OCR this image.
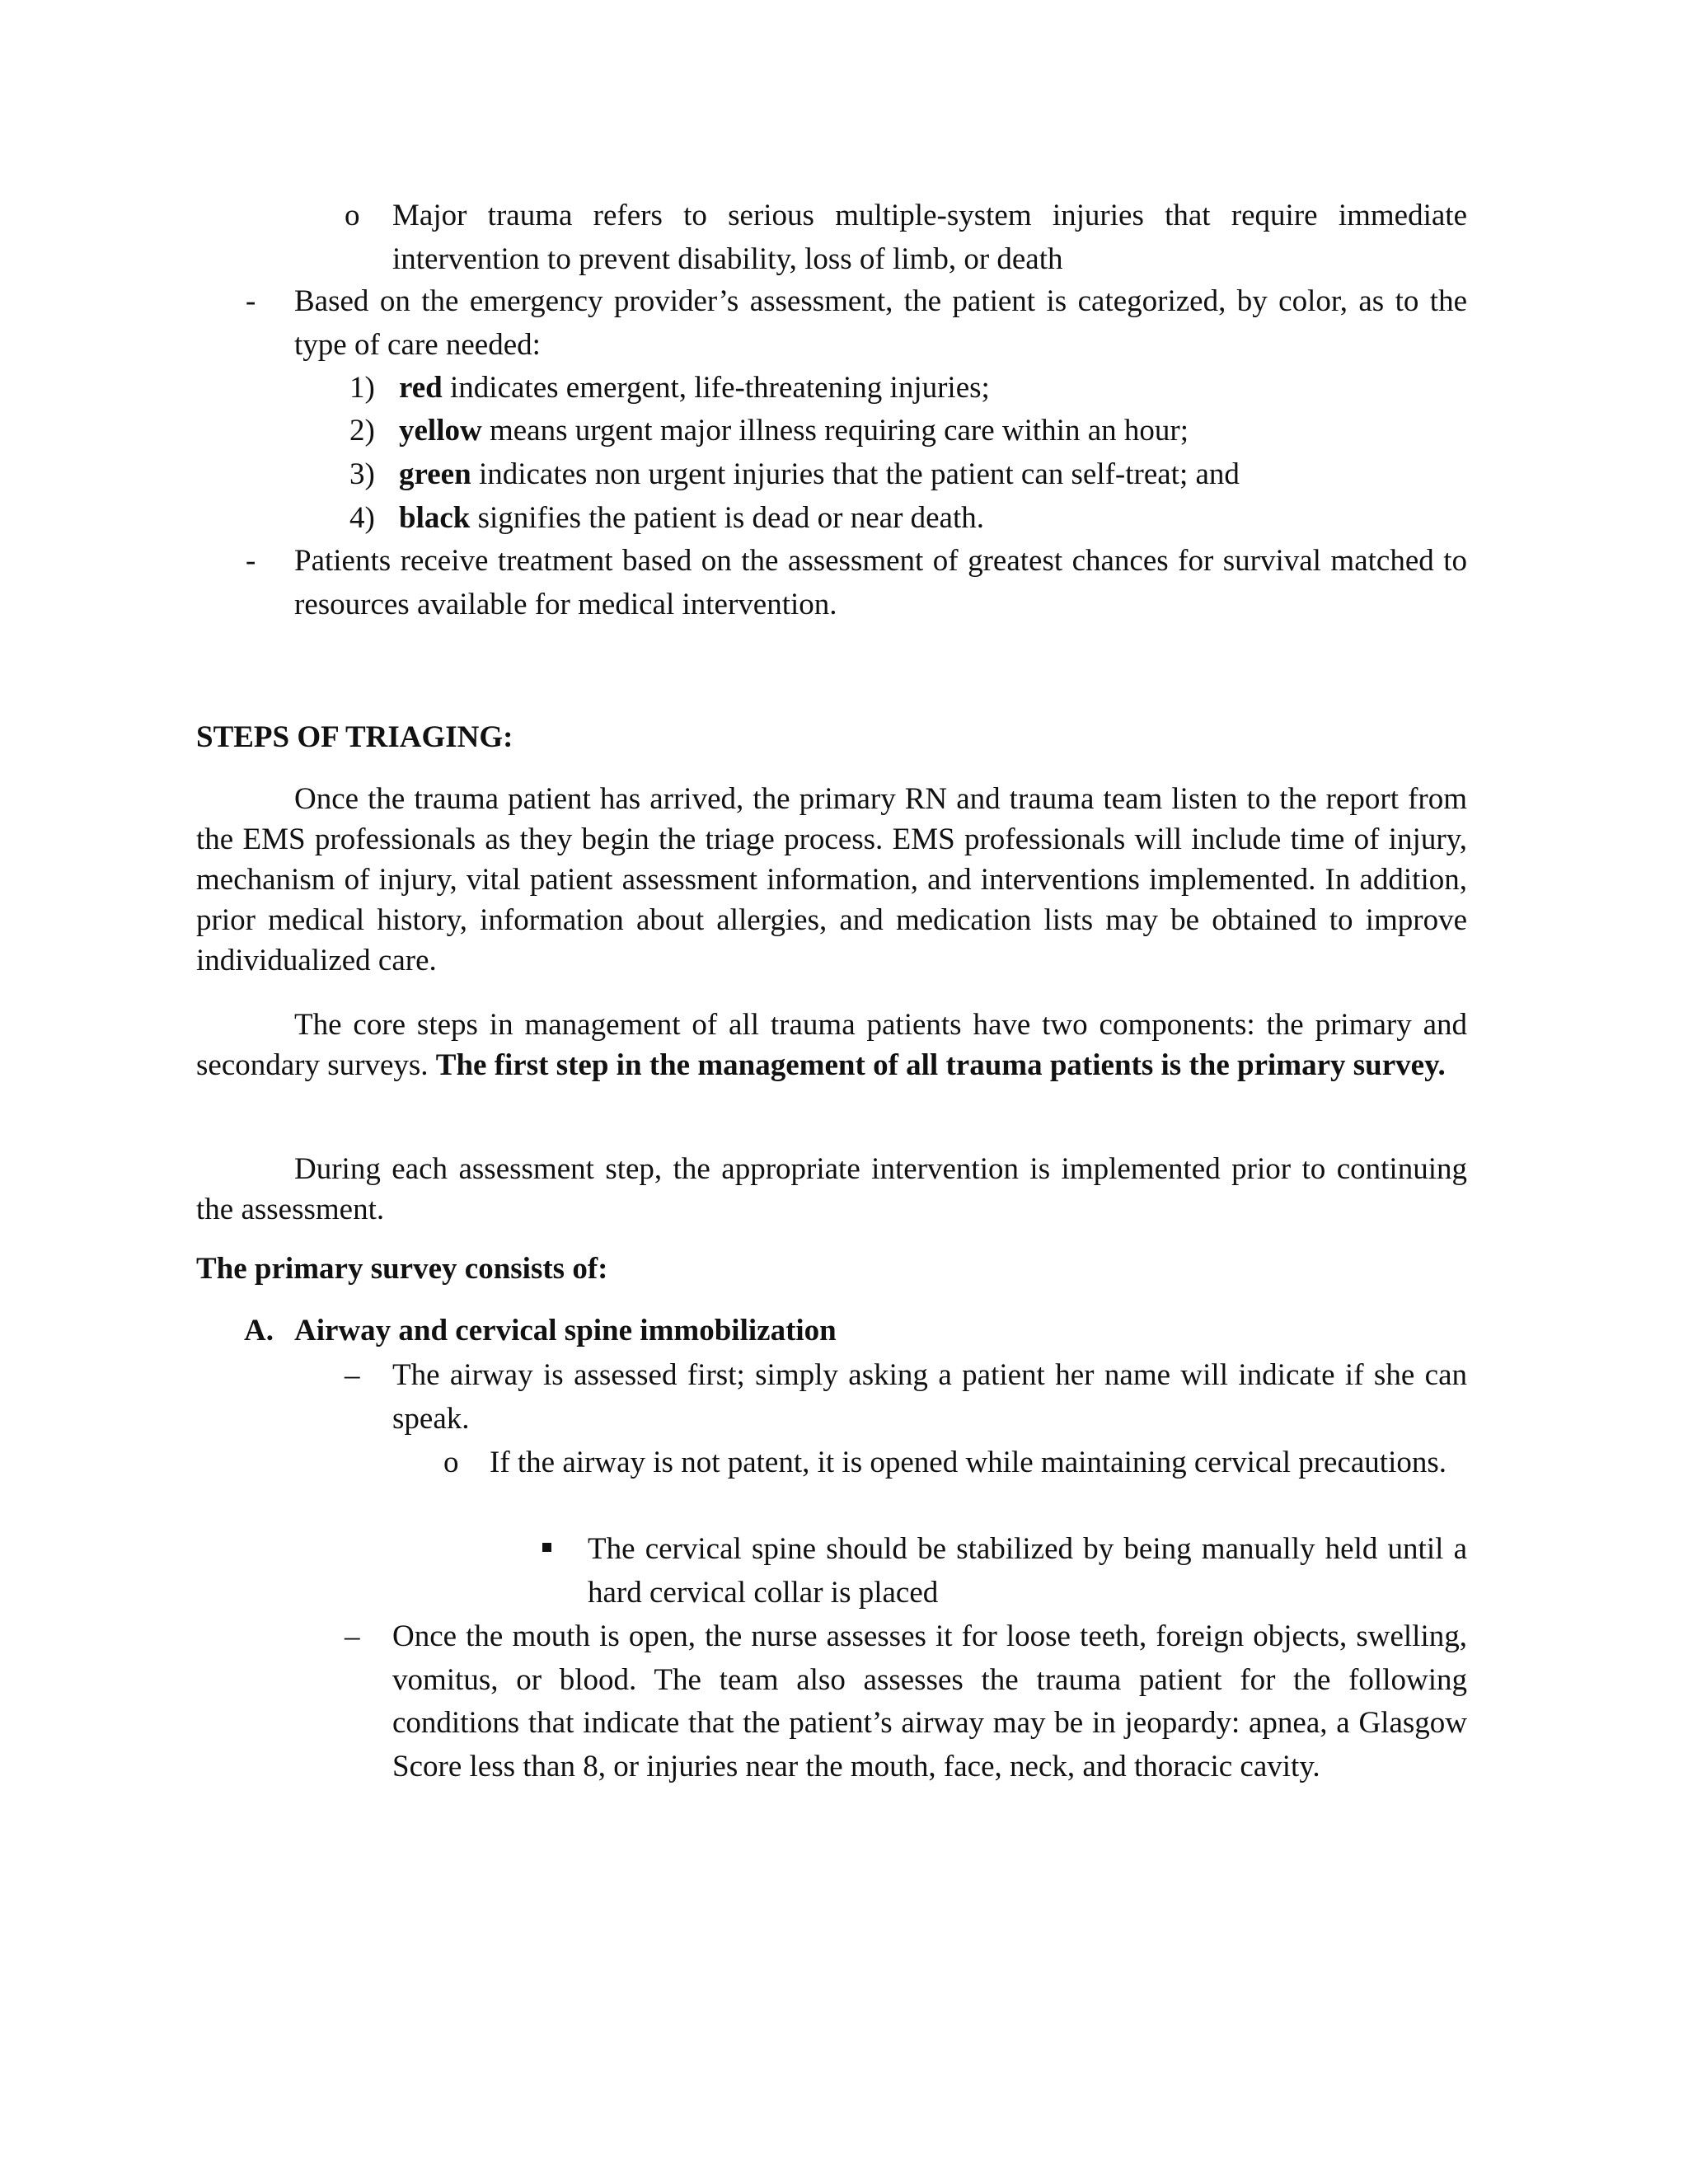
o Major trauma refers to serious multiple-system injuries that require immediate intervention to prevent disability, loss of limb, or death
- Based on the emergency provider’s assessment, the patient is categorized, by color, as to the type of care needed:
1) red indicates emergent, life-threatening injuries;
2) yellow means urgent major illness requiring care within an hour;
3) green indicates non urgent injuries that the patient can self-treat; and
4) black signifies the patient is dead or near death.
- Patients receive treatment based on the assessment of greatest chances for survival matched to resources available for medical intervention.
STEPS OF TRIAGING:
Once the trauma patient has arrived, the primary RN and trauma team listen to the report from the EMS professionals as they begin the triage process. EMS professionals will include time of injury, mechanism of injury, vital patient assessment information, and interventions implemented. In addition, prior medical history, information about allergies, and medication lists may be obtained to improve individualized care.
The core steps in management of all trauma patients have two components: the primary and secondary surveys. The first step in the management of all trauma patients is the primary survey.
During each assessment step, the appropriate intervention is implemented prior to continuing the assessment.
The primary survey consists of:
A. Airway and cervical spine immobilization
– The airway is assessed first; simply asking a patient her name will indicate if she can speak.
o If the airway is not patent, it is opened while maintaining cervical precautions.
The cervical spine should be stabilized by being manually held until a hard cervical collar is placed
– Once the mouth is open, the nurse assesses it for loose teeth, foreign objects, swelling, vomitus, or blood. The team also assesses the trauma patient for the following conditions that indicate that the patient’s airway may be in jeopardy: apnea, a Glasgow Score less than 8, or injuries near the mouth, face, neck, and thoracic cavity.
